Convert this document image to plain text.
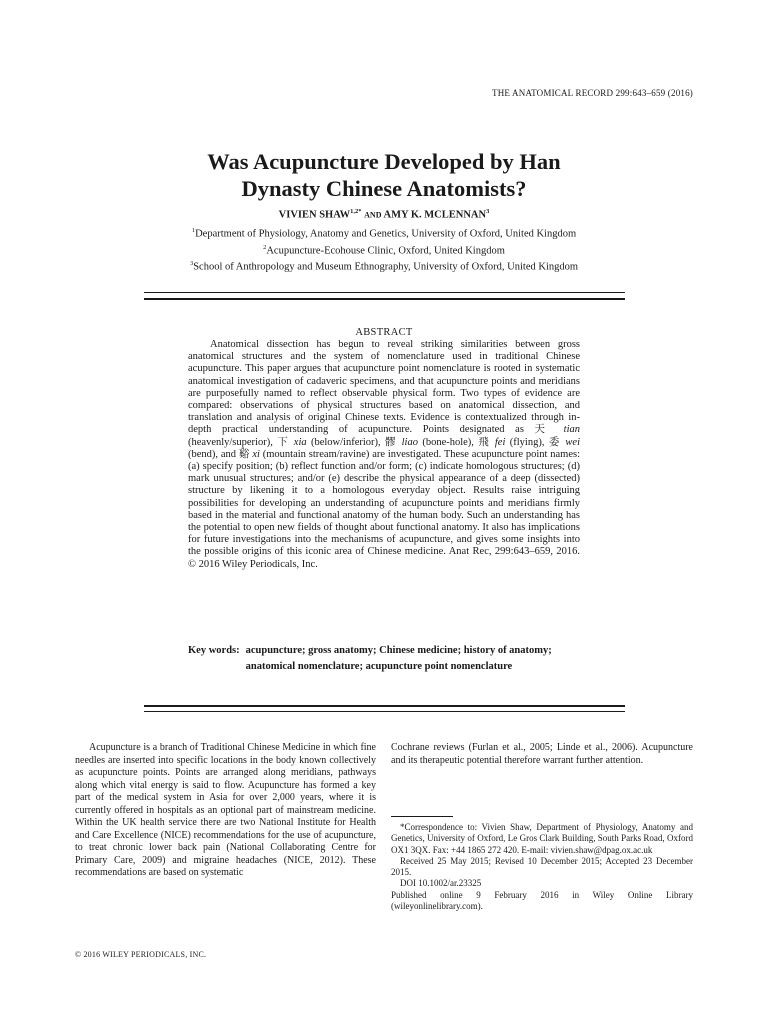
THE ANATOMICAL RECORD 299:643–659 (2016)
Was Acupuncture Developed by Han
Dynasty Chinese Anatomists?
VIVIEN $SHAW^{1,2*}$ AND AMY K. MCLENNAN$^3$
$^1$Department of Physiology, Anatomy and Genetics, University of Oxford, United Kingdom
$^2$Acupuncture-Ecohouse Clinic, Oxford, United Kingdom
$^3$School of Anthropology and Museum Ethnography, University of Oxford, United Kingdom
ABSTRACT

Anatomical dissection has begun to reveal striking similarities between gross anatomical structures and the system of nomenclature used in traditional Chinese acupuncture. This paper argues that acupuncture point nomenclature is rooted in systematic anatomical investigation of cadaveric specimens, and that acupuncture points and meridians are purposefully named to reflect observable physical form. Two types of evidence are compared: observations of physical structures based on anatomical dissection, and translation and analysis of original Chinese texts. Evidence is contextualized through in-depth practical understanding of acupuncture. Points designated as 天 tian (heavenly/superior), 下 xia (below/inferior), 髎 liao (bone-hole), 飛 fei (flying), 委 wei (bend), and 谿 xi (mountain stream/ravine) are investigated. These acupuncture point names: (a) specify position; (b) reflect function and/or form; (c) indicate homologous structures; (d) mark unusual structures; and/or (e) describe the physical appearance of a deep (dissected) structure by likening it to a homologous everyday object. Results raise intriguing possibilities for developing an understanding of acupuncture points and meridians firmly based in the material and functional anatomy of the human body. Such an understanding has the potential to open new fields of thought about functional anatomy. It also has implications for future investigations into the mechanisms of acupuncture, and gives some insights into the possible origins of this iconic area of Chinese medicine. Anat Rec, 299:643–659, 2016. © 2016 Wiley Periodicals, Inc.

Key words: acupuncture; gross anatomy; Chinese medicine; history of anatomy; anatomical nomenclature; acupuncture point nomenclature

Acupuncture is a branch of Traditional Chinese Medicine in which fine needles are inserted into specific locations in the body known collectively as acupuncture points. Points are arranged along meridians, pathways along which vital energy is said to flow. Acupuncture has formed a key part of the medical system in Asia for over 2,000 years, where it is currently offered in hospitals as an optional part of mainstream medicine. Within the UK health service there are two National Institute for Health and Care Excellence (NICE) recommendations for the use of acupuncture, to treat chronic lower back pain (National Collaborating Centre for Primary Care, 2009) and migraine headaches (NICE, 2012). These recommendations are based on systematic

Cochrane reviews (Furlan et al., 2005; Linde et al., 2006). Acupuncture and its therapeutic potential therefore warrant further attention.

*Correspondence to: Vivien Shaw, Department of Physiology, Anatomy and Genetics, University of Oxford, Le Gros Clark Building, South Parks Road, Oxford OX1 3QX. Fax: +44 1865 272 420. E-mail: vivien.shaw@dpag.ox.ac.uk

Received 25 May 2015; Revised 10 December 2015; Accepted 23 December 2015.

DOI 10.1002/ar.23325

Published online 9 February 2016 in Wiley Online Library (wileyonlinelibrary.com).

© 2016 WILEY PERIODICALS, INC.
